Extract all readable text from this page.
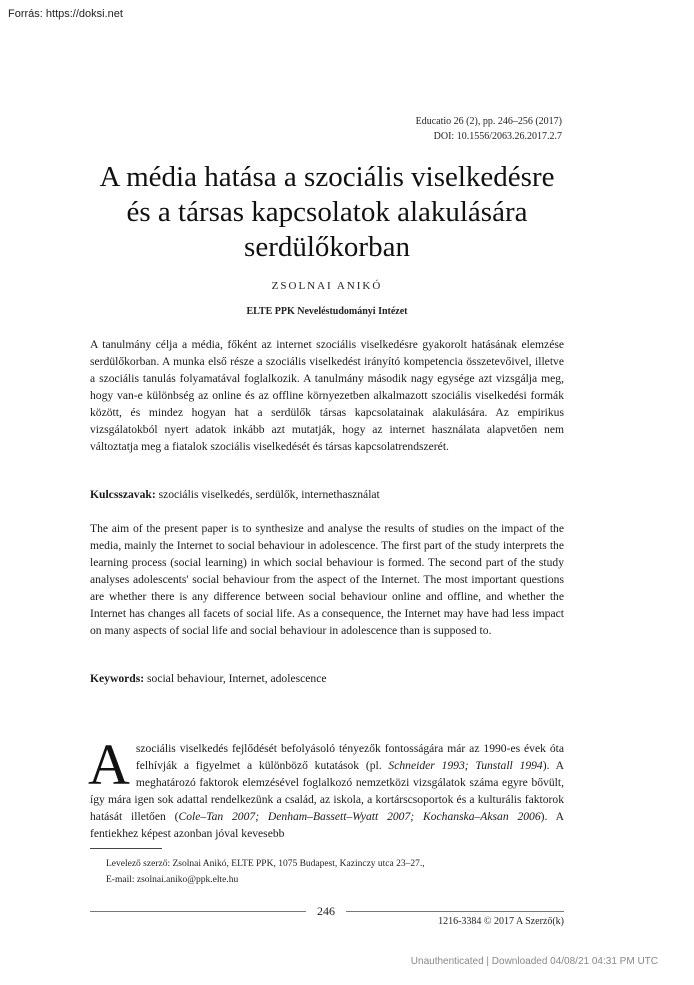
Forrás: https://doksi.net
Educatio 26 (2), pp. 246–256 (2017)
DOI: 10.1556/2063.26.2017.2.7
A média hatása a szociális viselkedésre és a társas kapcsolatok alakulására serdülőkorban
ZSOLNAI ANIKÓ
ELTE PPK Neveléstudományi Intézet
A tanulmány célja a média, főként az internet szociális viselkedésre gyakorolt hatásának elemzése serdülőkorban. A munka első része a szociális viselkedést irányító kompetencia összetevőivel, illetve a szociális tanulás folyamatával foglalkozik. A tanulmány második nagy egysége azt vizsgálja meg, hogy van-e különbség az online és az offline környezetben alkalmazott szociális viselkedési formák között, és mindez hogyan hat a serdülők társas kapcsolatainak alakulására. Az empirikus vizsgálatokból nyert adatok inkább azt mutatják, hogy az internet használata alapvetően nem változtatja meg a fiatalok szociális viselkedését és társas kapcsolatrendszerét.
Kulcsszavak: szociális viselkedés, serdülők, internethasználat
The aim of the present paper is to synthesize and analyse the results of studies on the impact of the media, mainly the Internet to social behaviour in adolescence. The first part of the study interprets the learning process (social learning) in which social behaviour is formed. The second part of the study analyses adolescents' social behaviour from the aspect of the Internet. The most important questions are whether there is any difference between social behaviour online and offline, and whether the Internet has changes all facets of social life. As a consequence, the Internet may have had less impact on many aspects of social life and social behaviour in adolescence than is supposed to.
Keywords: social behaviour, Internet, adolescence
A szociális viselkedés fejlődését befolyásoló tényezők fontosságára már az 1990-es évek óta felhívják a figyelmet a különböző kutatások (pl. Schneider 1993; Tunstall 1994). A meghatározó faktorok elemzésével foglalkozó nemzetközi vizsgálatok száma egyre bővült, így mára igen sok adattal rendelkezünk a család, az iskola, a kortárscsoportok és a kulturális faktorok hatását illetően (Cole–Tan 2007; Denham–Bassett–Wyatt 2007; Kochanska–Aksan 2006). A fentiekhez képest azonban jóval kevesebb
Levelező szerző: Zsolnai Anikó, ELTE PPK, 1075 Budapest, Kazinczy utca 23–27.,
E-mail: zsolnai.aniko@ppk.elte.hu
246
1216-3384 © 2017 A Szerző(k)
Unauthenticated | Downloaded 04/08/21 04:31 PM UTC
